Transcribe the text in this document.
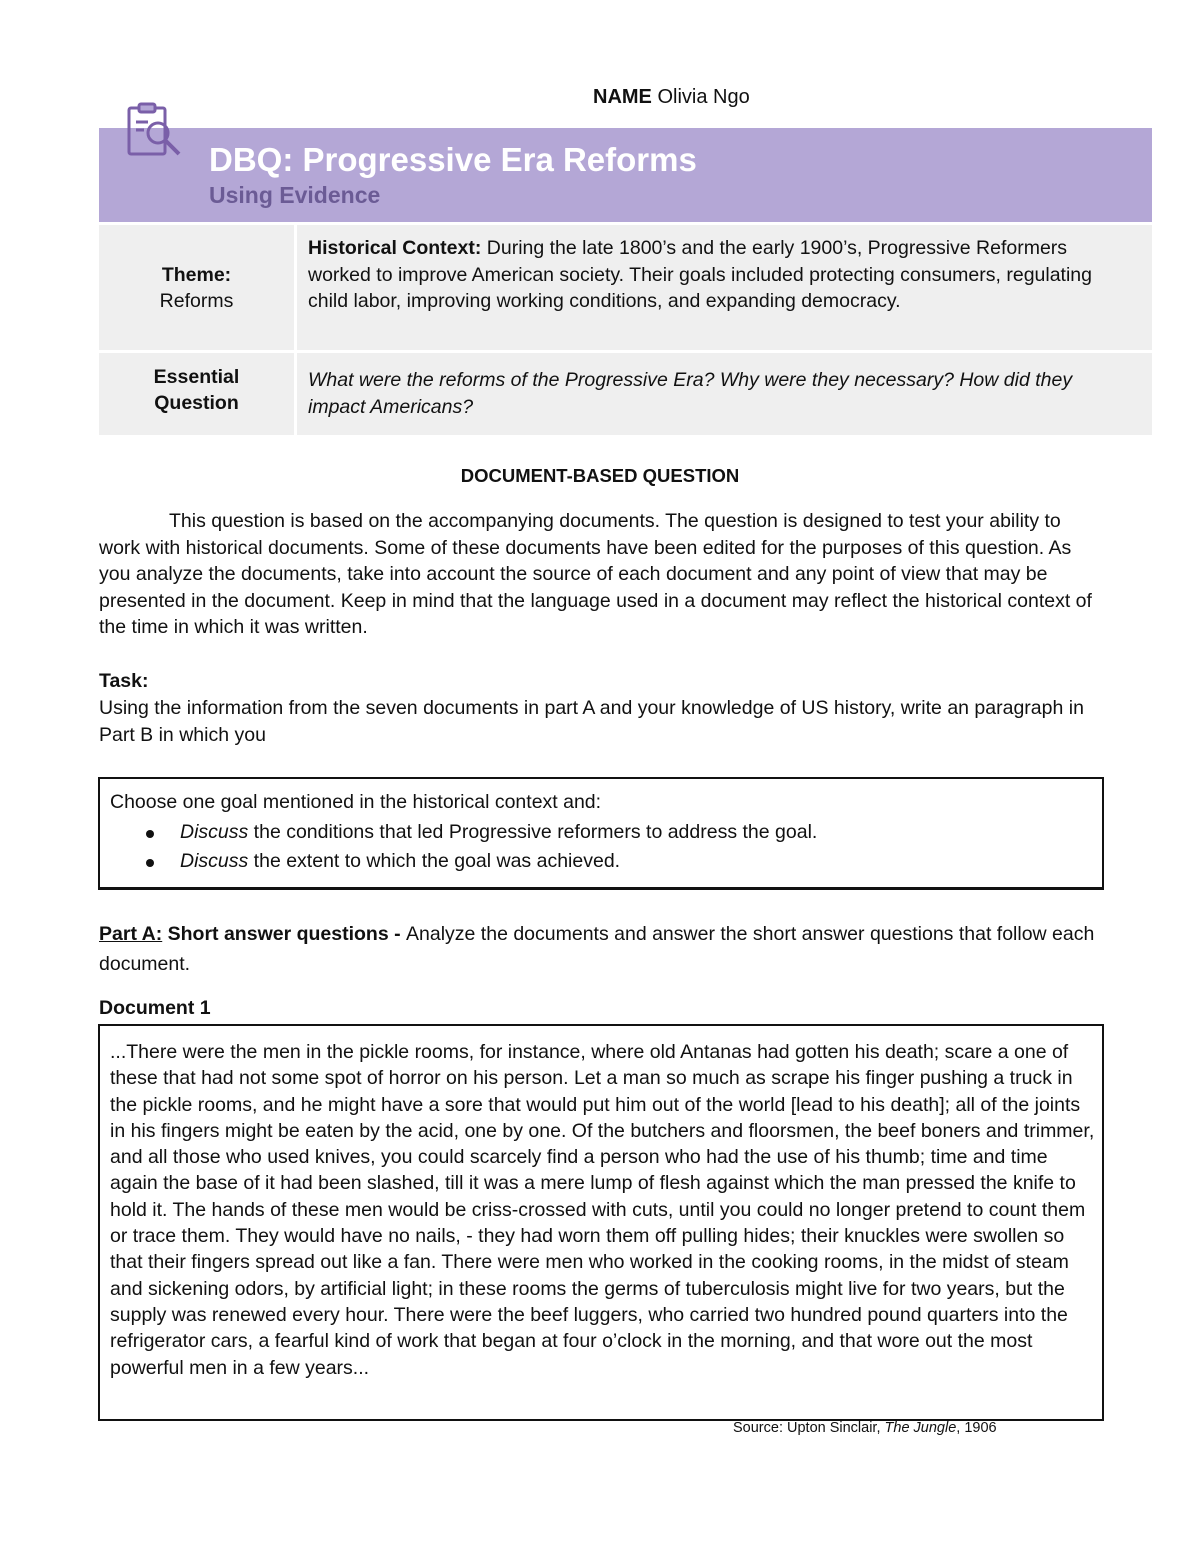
NAME Olivia Ngo
DBQ: Progressive Era Reforms
Using Evidence
Theme:
Reforms
Historical Context: During the late 1800’s and the early 1900’s, Progressive Reformers worked to improve American society. Their goals included protecting consumers, regulating child labor, improving working conditions, and expanding democracy.
Essential
Question
What were the reforms of the Progressive Era? Why were they necessary? How did they impact Americans?
DOCUMENT-BASED QUESTION
This question is based on the accompanying documents. The question is designed to test your ability to work with historical documents. Some of these documents have been edited for the purposes of this question. As you analyze the documents, take into account the source of each document and any point of view that may be presented in the document. Keep in mind that the language used in a document may reflect the historical context of the time in which it was written.
Task:
Using the information from the seven documents in part A and your knowledge of US history, write an paragraph in Part B in which you
Choose one goal mentioned in the historical context and:
Discuss the conditions that led Progressive reformers to address the goal.
Discuss the extent to which the goal was achieved.
Part A: Short answer questions - Analyze the documents and answer the short answer questions that follow each document.
Document 1
...There were the men in the pickle rooms, for instance, where old Antanas had gotten his death; scare a one of these that had not some spot of horror on his person. Let a man so much as scrape his finger pushing a truck in the pickle rooms, and he might have a sore that would put him out of the world [lead to his death]; all of the joints in his fingers might be eaten by the acid, one by one. Of the butchers and floorsmen, the beef boners and trimmer, and all those who used knives, you could scarcely find a person who had the use of his thumb; time and time again the base of it had been slashed, till it was a mere lump of flesh against which the man pressed the knife to hold it. The hands of these men would be criss-crossed with cuts, until you could no longer pretend to count them or trace them. They would have no nails, - they had worn them off pulling hides; their knuckles were swollen so that their fingers spread out like a fan. There were men who worked in the cooking rooms, in the midst of steam and sickening odors, by artificial light; in these rooms the germs of tuberculosis might live for two years, but the supply was renewed every hour. There were the beef luggers, who carried two hundred pound quarters into the refrigerator cars, a fearful kind of work that began at four o’clock in the morning, and that wore out the most powerful men in a few years...
Source: Upton Sinclair, The Jungle, 1906
